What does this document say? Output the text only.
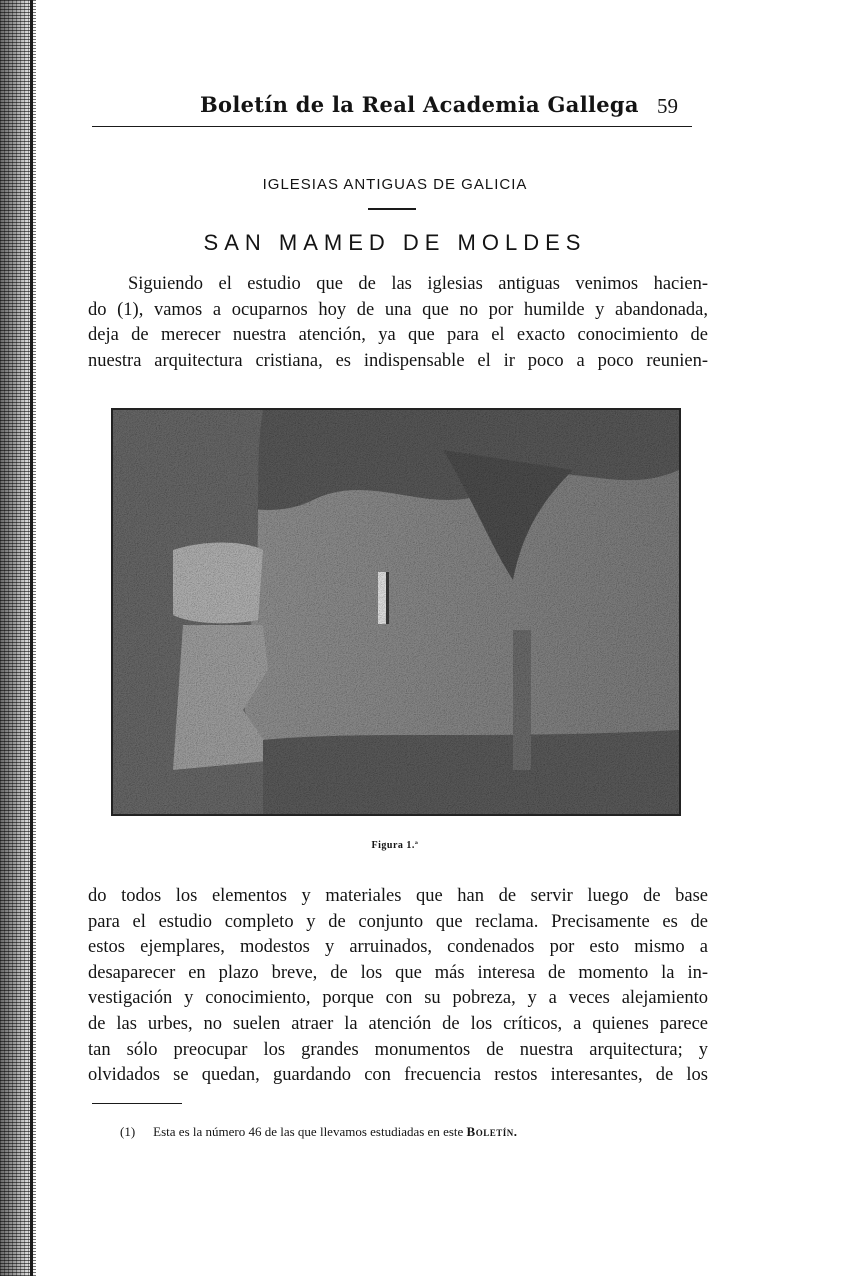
Boletín de la Real Academia Gallega 59
IGLESIAS ANTIGUAS DE GALICIA
SAN MAMED DE MOLDES
Siguiendo el estudio que de las iglesias antiguas venimos hacien-
do (1), vamos a ocuparnos hoy de una que no por humilde y abandonada,
deja de merecer nuestra atención, ya que para el exacto conocimiento de
nuestra arquitectura cristiana, es indispensable el ir poco a poco reunien-
Figura 1.ª
do todos los elementos y materiales que han de servir luego de base
para el estudio completo y de conjunto que reclama. Precisamente es de
estos ejemplares, modestos y arruinados, condenados por esto mismo a
desaparecer en plazo breve, de los que más interesa de momento la in-
vestigación y conocimiento, porque con su pobreza, y a veces alejamiento
de las urbes, no suelen atraer la atención de los críticos, a quienes parece
tan sólo preocupar los grandes monumentos de nuestra arquitectura; y
olvidados se quedan, guardando con frecuencia restos interesantes, de los
(1) Esta es la número 46 de las que llevamos estudiadas en este Boletín.
